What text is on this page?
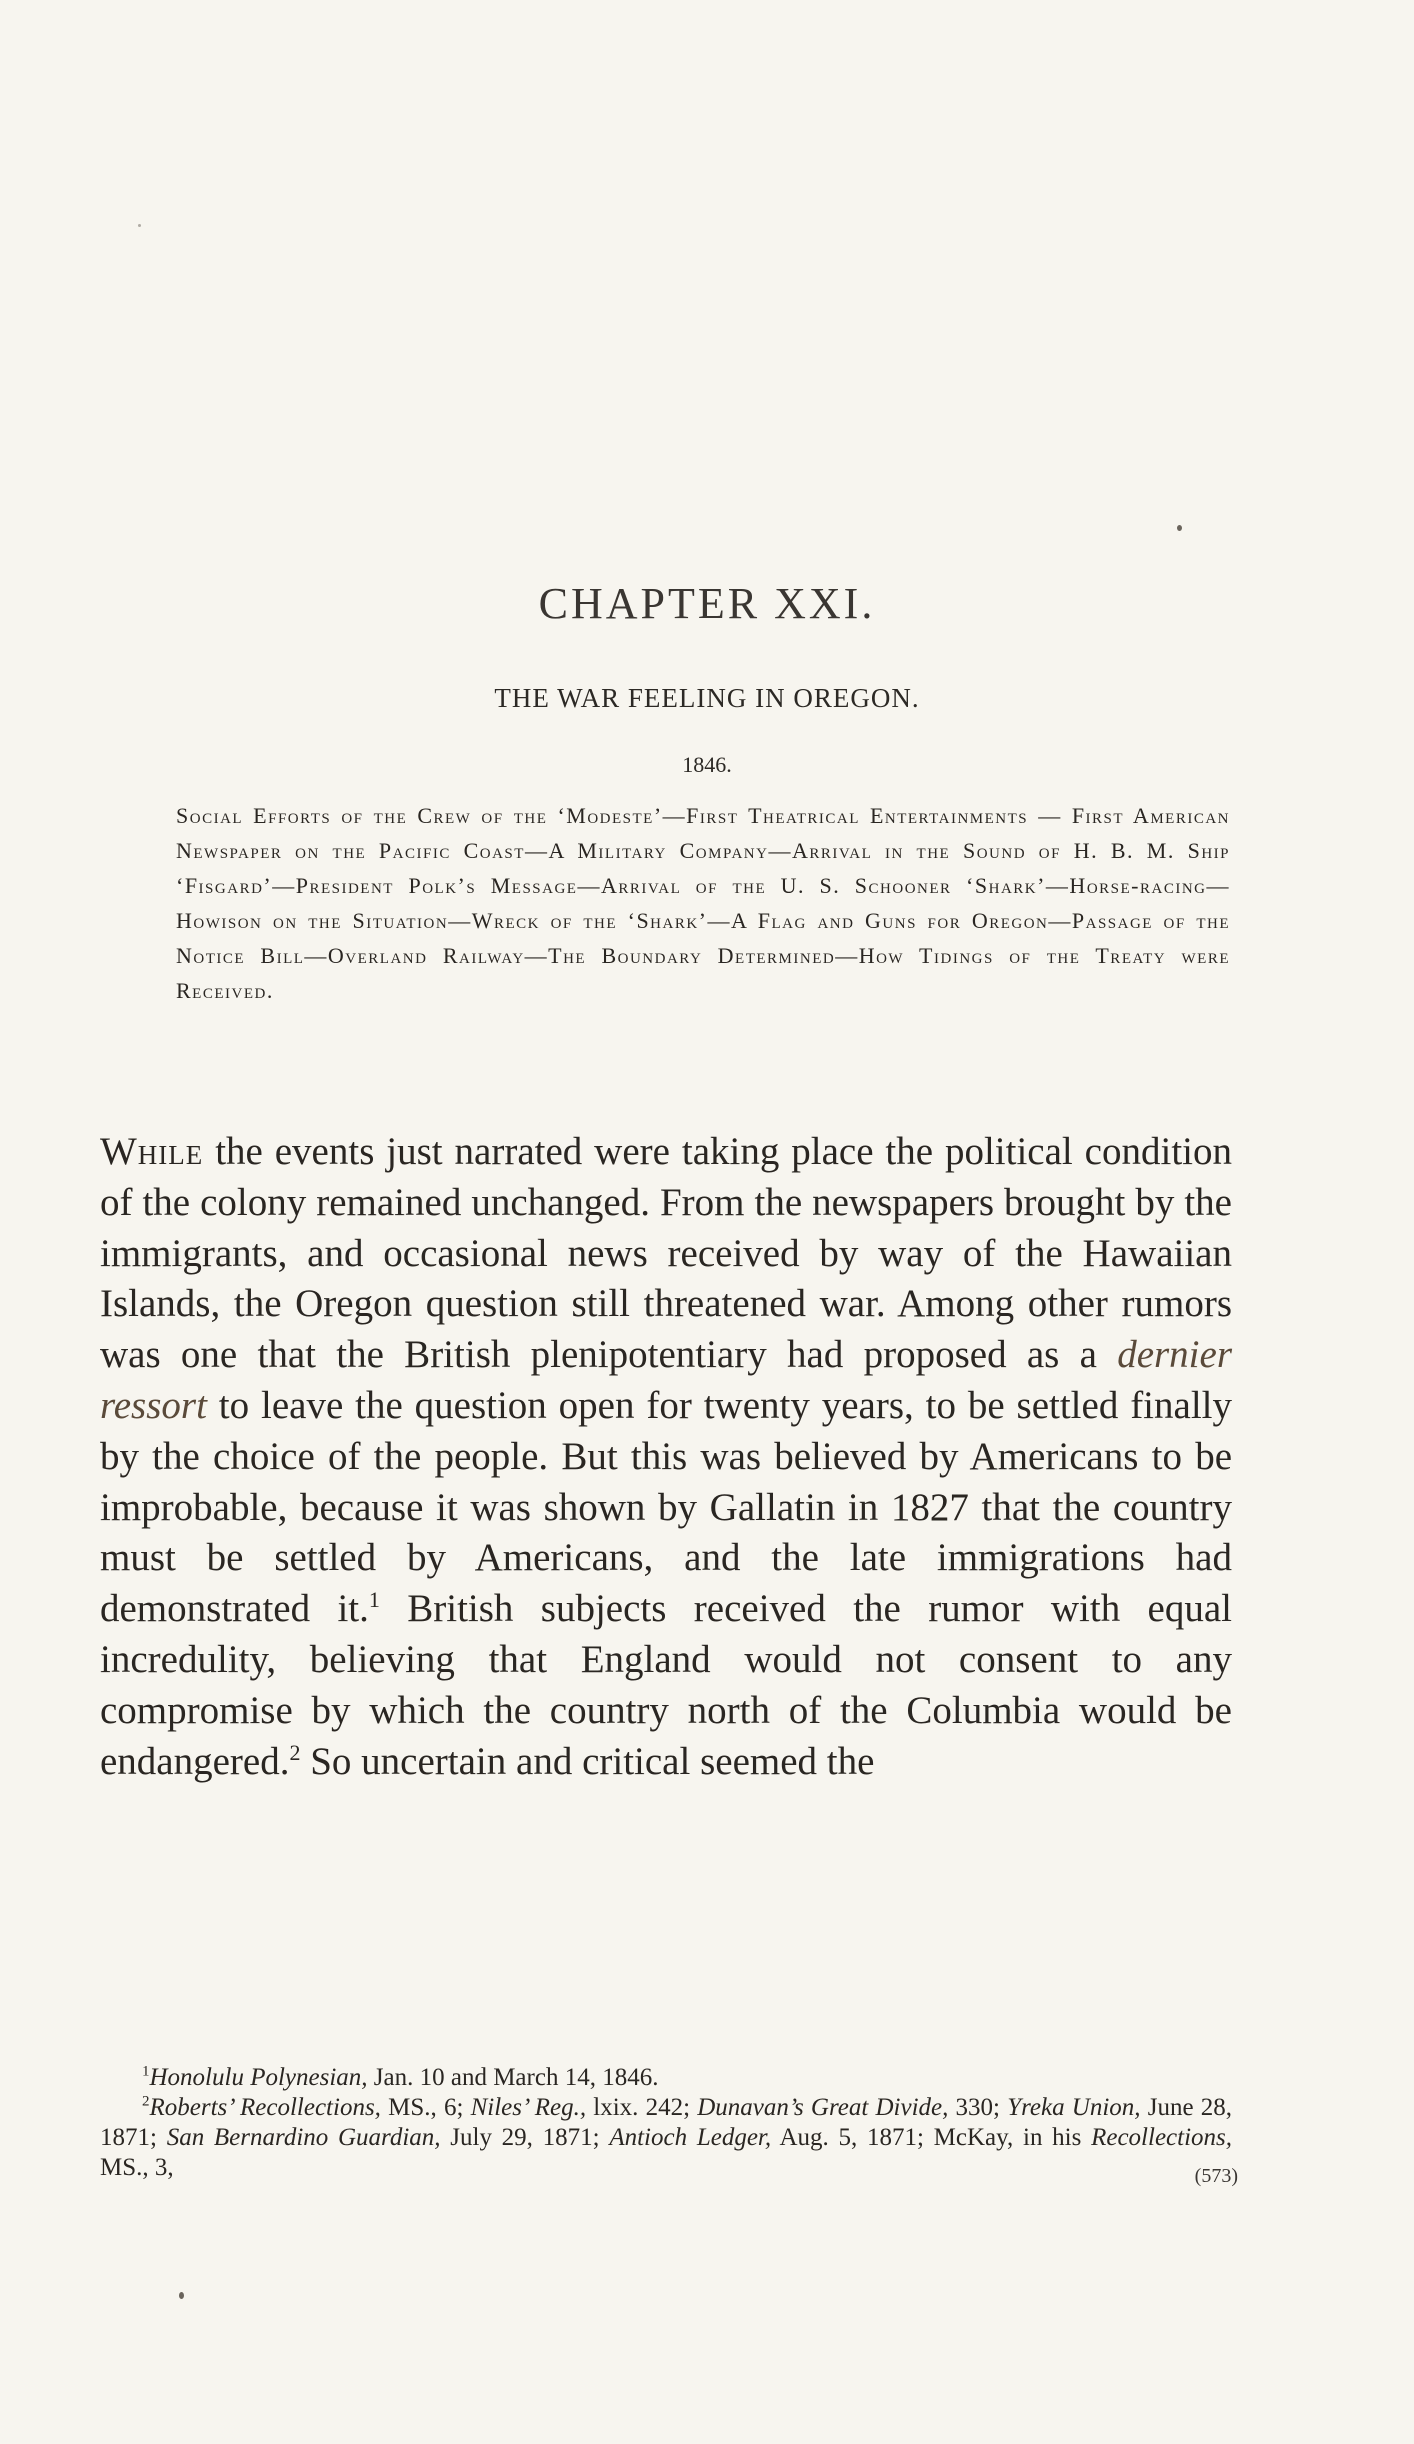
CHAPTER XXI.
THE WAR FEELING IN OREGON.
1846.
Social Efforts of the Crew of the ‘Modeste’—First Theatrical Entertainments — First American Newspaper on the Pacific Coast—A Military Company—Arrival in the Sound of H. B. M. Ship ‘Fisgard’—President Polk’s Message—Arrival of the U. S. Schooner ‘Shark’—Horse-racing—Howison on the Situation—Wreck of the ‘Shark’—A Flag and Guns for Oregon—Passage of the Notice Bill—Overland Railway—The Boundary Determined—How Tidings of the Treaty were Received.
While the events just narrated were taking place the political condition of the colony remained unchanged. From the newspapers brought by the immigrants, and occasional news received by way of the Hawaiian Islands, the Oregon question still threatened war. Among other rumors was one that the British plenipotentiary had proposed as a dernier ressort to leave the question open for twenty years, to be settled finally by the choice of the people. But this was believed by Americans to be improbable, because it was shown by Gallatin in 1827 that the country must be settled by Americans, and the late immigrations had demonstrated it.$^1$ British subjects received the rumor with equal incredulity, believing that England would not consent to any compromise by which the country north of the Columbia would be endangered.$^2$ So uncertain and critical seemed the

$^1$Honolulu Polynesian, Jan. 10 and March 14, 1846.

$^2$Roberts’ Recollections, MS., 6; Niles’ Reg., lxix. 242; Dunavan’s Great Divide, 330; Yreka Union, June 28, 1871; San Bernardino Guardian, July 29, 1871; Antioch Ledger, Aug. 5, 1871; McKay, in his Recollections, MS., 3,	(573)
